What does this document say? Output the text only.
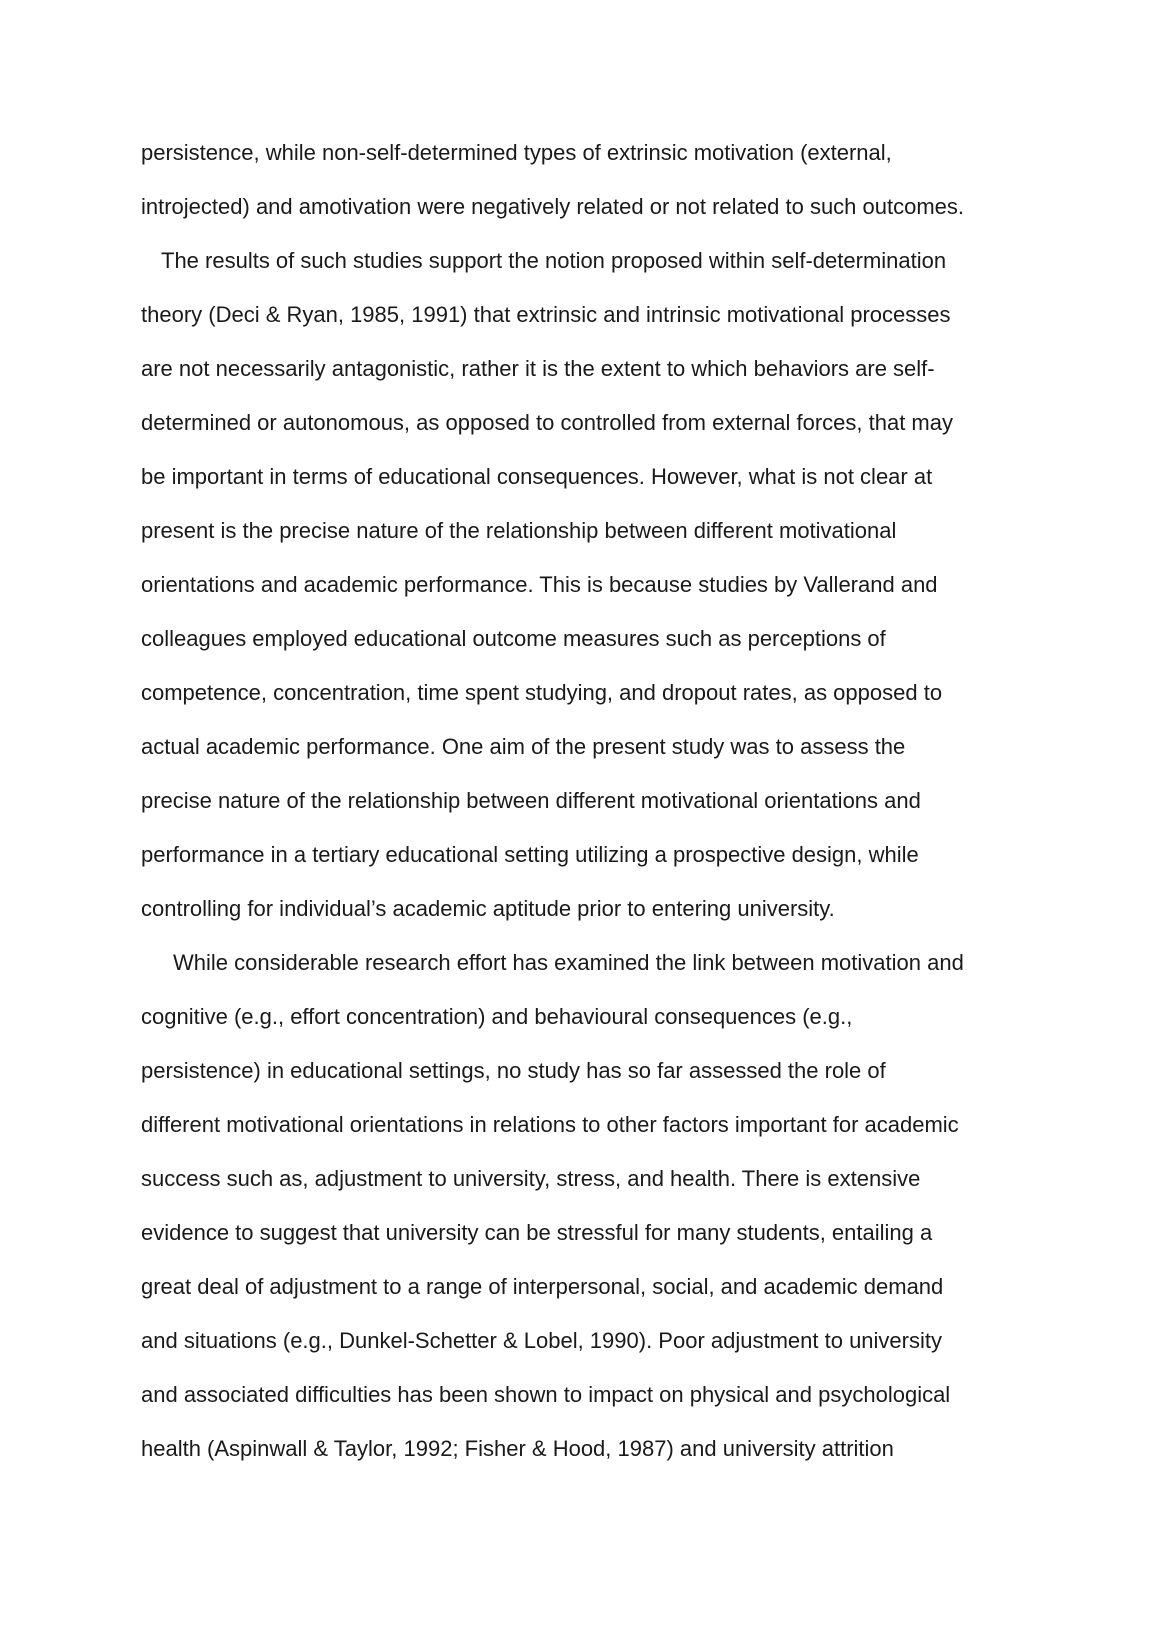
persistence, while non-self-determined types of extrinsic motivation (external,
introjected) and amotivation were negatively related or not related to such outcomes.
The results of such studies support the notion proposed within self-determination
theory (Deci & Ryan, 1985, 1991) that extrinsic and intrinsic motivational processes
are not necessarily antagonistic, rather it is the extent to which behaviors are self-
determined or autonomous, as opposed to controlled from external forces, that may
be important in terms of educational consequences. However, what is not clear at
present is the precise nature of the relationship between different motivational
orientations and academic performance. This is because studies by Vallerand and
colleagues employed educational outcome measures such as perceptions of
competence, concentration, time spent studying, and dropout rates, as opposed to
actual academic performance. One aim of the present study was to assess the
precise nature of the relationship between different motivational orientations and
performance in a tertiary educational setting utilizing a prospective design, while
controlling for individual’s academic aptitude prior to entering university.
While considerable research effort has examined the link between motivation and
cognitive (e.g., effort concentration) and behavioural consequences (e.g.,
persistence) in educational settings, no study has so far assessed the role of
different motivational orientations in relations to other factors important for academic
success such as, adjustment to university, stress, and health. There is extensive
evidence to suggest that university can be stressful for many students, entailing a
great deal of adjustment to a range of interpersonal, social, and academic demand
and situations (e.g., Dunkel-Schetter & Lobel, 1990). Poor adjustment to university
and associated difficulties has been shown to impact on physical and psychological
health (Aspinwall & Taylor, 1992; Fisher & Hood, 1987) and university attrition
